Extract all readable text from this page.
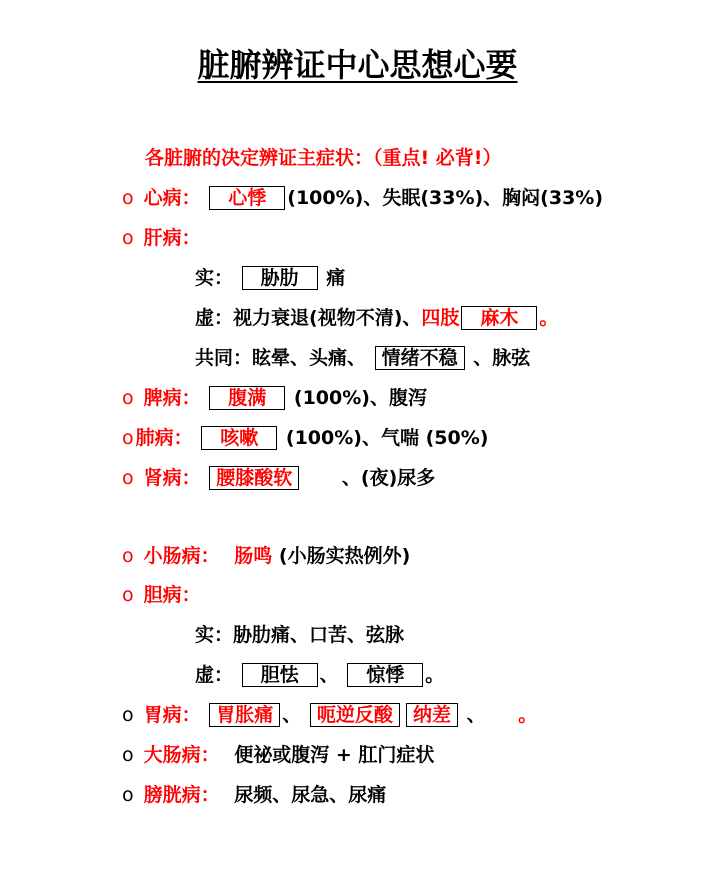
脏腑辨证中心思想心要
各脏腑的决定辨证主症状：（重点! 必背!）
o 心病： 心悸 (100%)、失眠(33%)、胸闷(33%)
o 肝病：
实： 胁肋 痛
虚：视力衰退(视物不清)、四肢 麻木 。
共同：眩晕、头痛、 情绪不稳 、脉弦
o 脾病： 腹满 (100%)、腹泻
o 肺病： 咳嗽 (100%)、气喘 (50%)
o 肾病： 腰膝酸软	、(夜)尿多
o 小肠病： 肠鸣 (小肠实热例外)
o 胆病：
实：胁肋痛、口苦、弦脉
虚： 胆怯 、 惊悸 。
o 胃病： 胃胀痛 、 呃逆反酸 纳差 、 。
o 大肠病： 便祕或腹泻 + 肛门症状
o 膀胱病： 尿频、尿急、尿痛
